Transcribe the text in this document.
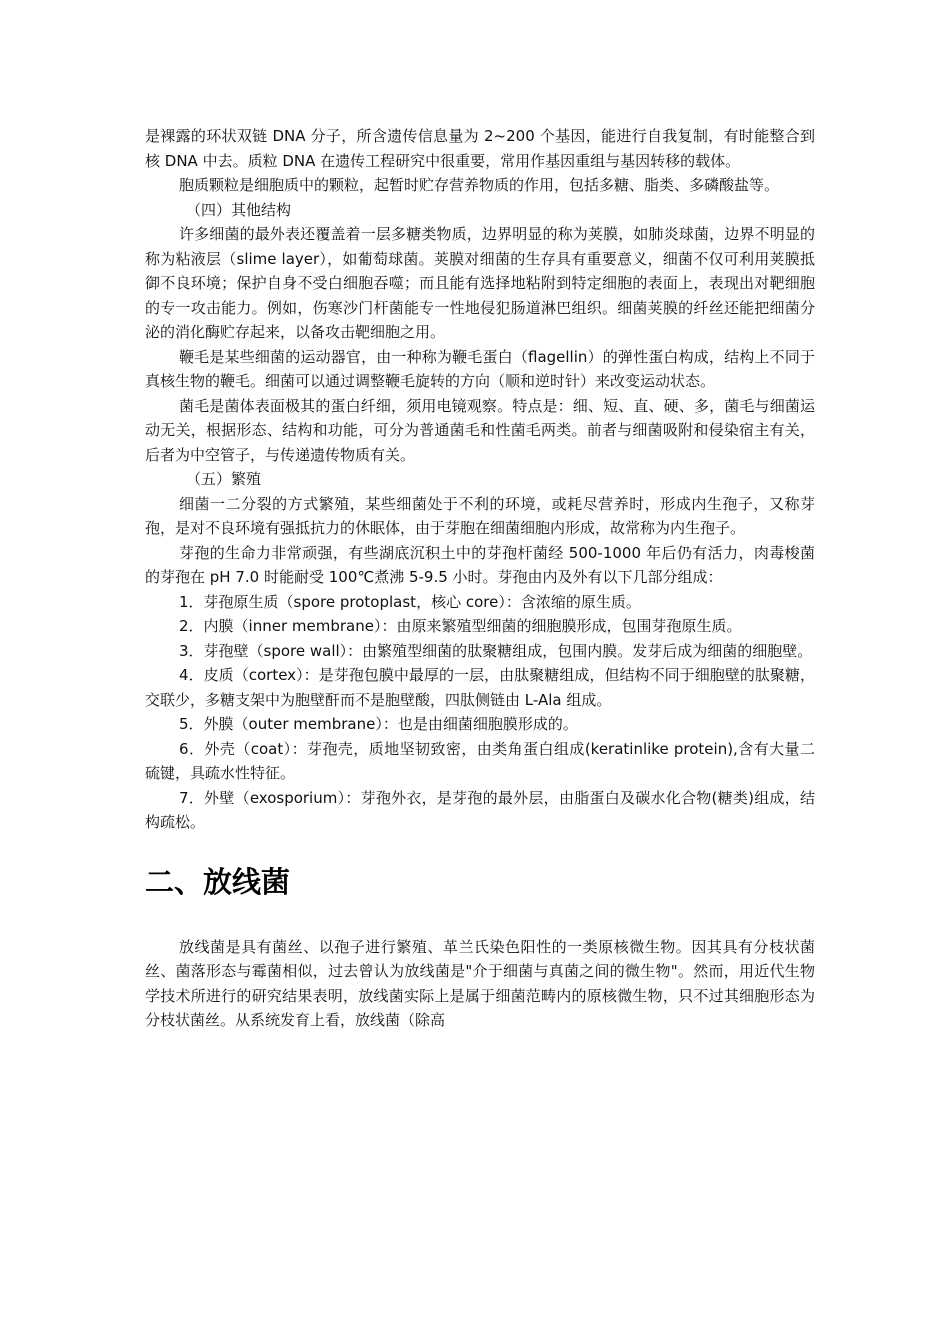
是裸露的环状双链 DNA 分子，所含遗传信息量为 2~200 个基因，能进行自我复制，有时能整合到核 DNA 中去。质粒 DNA 在遗传工程研究中很重要，常用作基因重组与基因转移的载体。

胞质颗粒是细胞质中的颗粒，起暂时贮存营养物质的作用，包括多糖、脂类、多磷酸盐等。

（四）其他结构

许多细菌的最外表还覆盖着一层多糖类物质，边界明显的称为荚膜，如肺炎球菌，边界不明显的称为粘液层（slime layer），如葡萄球菌。荚膜对细菌的生存具有重要意义，细菌不仅可利用荚膜抵御不良环境；保护自身不受白细胞吞噬；而且能有选择地粘附到特定细胞的表面上，表现出对靶细胞的专一攻击能力。例如，伤寒沙门杆菌能专一性地侵犯肠道淋巴组织。细菌荚膜的纤丝还能把细菌分泌的消化酶贮存起来，以备攻击靶细胞之用。

鞭毛是某些细菌的运动器官，由一种称为鞭毛蛋白（flagellin）的弹性蛋白构成，结构上不同于真核生物的鞭毛。细菌可以通过调整鞭毛旋转的方向（顺和逆时针）来改变运动状态。

菌毛是菌体表面极其的蛋白纤细，须用电镜观察。特点是：细、短、直、硬、多，菌毛与细菌运动无关，根据形态、结构和功能，可分为普通菌毛和性菌毛两类。前者与细菌吸附和侵染宿主有关，后者为中空管子，与传递遗传物质有关。

（五）繁殖

细菌一二分裂的方式繁殖，某些细菌处于不利的环境，或耗尽营养时，形成内生孢子，又称芽孢，是对不良环境有强抵抗力的休眠体，由于芽胞在细菌细胞内形成，故常称为内生孢子。

芽孢的生命力非常顽强，有些湖底沉积土中的芽孢杆菌经 500-1000 年后仍有活力，肉毒梭菌的芽孢在 pH 7.0 时能耐受 100℃煮沸 5-9.5 小时。芽孢由内及外有以下几部分组成：

1．芽孢原生质（spore protoplast，核心 core）：含浓缩的原生质。

2．内膜（inner membrane）：由原来繁殖型细菌的细胞膜形成，包围芽孢原生质。

3．芽孢壁（spore wall）：由繁殖型细菌的肽聚糖组成，包围内膜。发芽后成为细菌的细胞壁。

4．皮质（cortex）：是芽孢包膜中最厚的一层，由肽聚糖组成，但结构不同于细胞壁的肽聚糖，交联少，多糖支架中为胞壁酐而不是胞壁酸，四肽侧链由 L-Ala 组成。

5．外膜（outer membrane）：也是由细菌细胞膜形成的。

6．外壳（coat）：芽孢壳，质地坚韧致密，由类角蛋白组成(keratinlike protein),含有大量二硫键，具疏水性特征。

7．外壁（exosporium）：芽孢外衣，是芽孢的最外层，由脂蛋白及碳水化合物(糖类)组成，结构疏松。

二、放线菌

放线菌是具有菌丝、以孢子进行繁殖、革兰氏染色阳性的一类原核微生物。因其具有分枝状菌丝、菌落形态与霉菌相似，过去曾认为放线菌是"介于细菌与真菌之间的微生物"。然而，用近代生物学技术所进行的研究结果表明，放线菌实际上是属于细菌范畴内的原核微生物，只不过其细胞形态为分枝状菌丝。从系统发育上看，放线菌（除高
